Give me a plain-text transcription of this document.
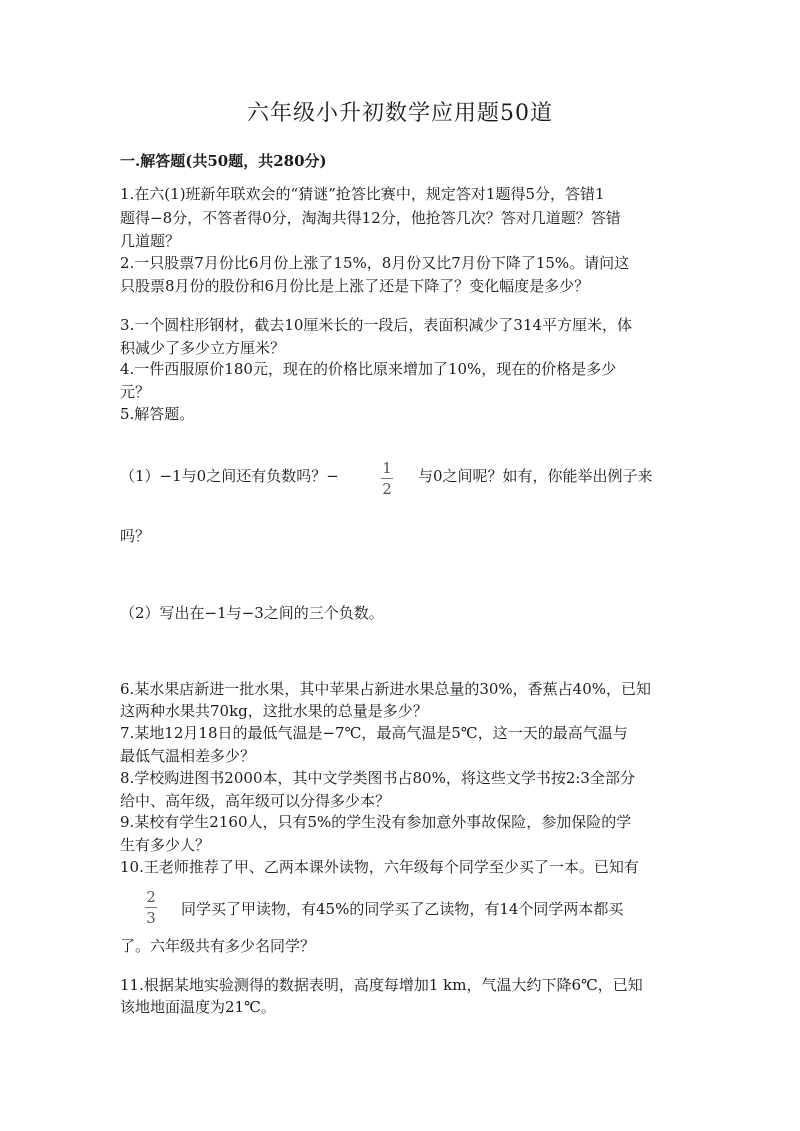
六年级小升初数学应用题50道
一.解答题(共50题，共280分)
1.在六(1)班新年联欢会的“猜谜”抢答比赛中，规定答对1题得5分，答错1
题得−8分，不答者得0分，淘淘共得12分，他抢答几次？答对几道题？答错
几道题？
2.一只股票7月份比6月份上涨了15%，8月份又比7月份下降了15%。请问这
只股票8月份的股份和6月份比是上涨了还是下降了？变化幅度是多少？
3.一个圆柱形钢材，截去10厘米长的一段后，表面积减少了314平方厘米，体
积减少了多少立方厘米？
4.一件西服原价180元，现在的价格比原来增加了10%，现在的价格是多少
元？
5.解答题。
（1）−1与0之间还有负数吗？−	1
2
与0之间呢？如有，你能举出例子来
吗？
（2）写出在−1与−3之间的三个负数。
6.某水果店新进一批水果，其中苹果占新进水果总量的30%，香蕉占40%，已知
这两种水果共70kg，这批水果的总量是多少？
7.某地12月18日的最低气温是−7℃，最高气温是5℃，这一天的最高气温与
最低气温相差多少？
8.学校购进图书2000本，其中文学类图书占80%，将这些文学书按2:3全部分
给中、高年级，高年级可以分得多少本？
9.某校有学生2160人，只有5%的学生没有参加意外事故保险，参加保险的学
生有多少人？
10.王老师推荐了甲、乙两本课外读物，六年级每个同学至少买了一本。已知有
2
3 同学买了甲读物，有45%的同学买了乙读物，有14个同学两本都买
了。六年级共有多少名同学？
11.根据某地实验测得的数据表明，高度每增加1 km，气温大约下降6℃，已知
该地地面温度为21℃。
